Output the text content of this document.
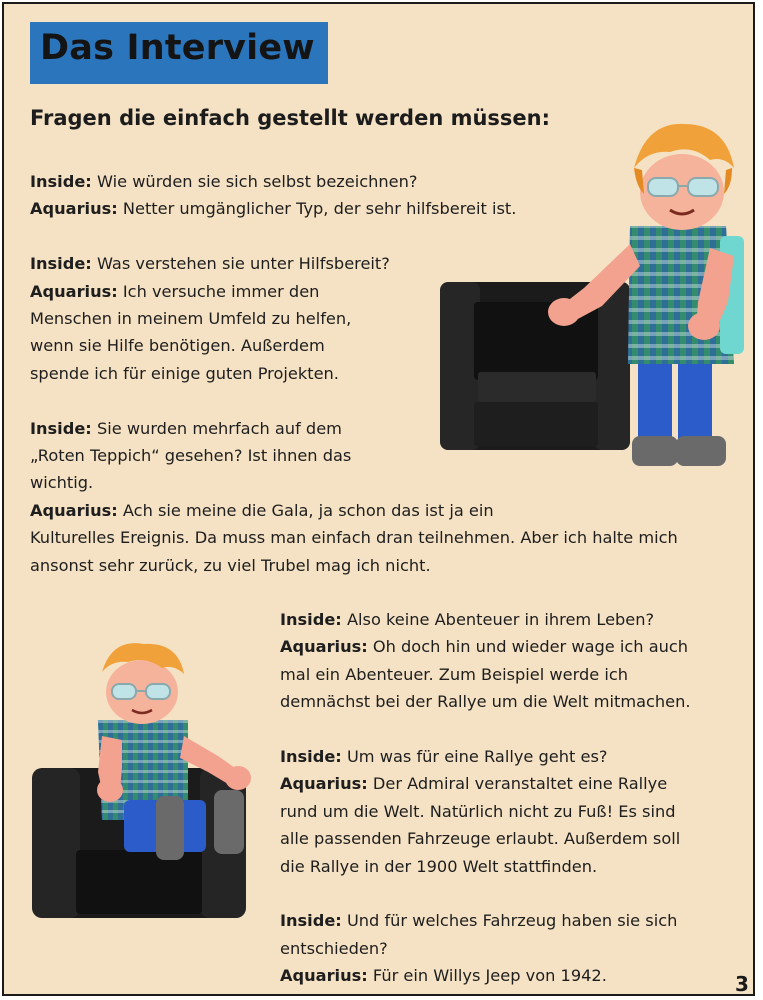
Das Interview
Fragen die einfach gestellt werden müssen:

Inside: Wie würden sie sich selbst bezeichnen?

Aquarius: Netter umgänglicher Typ, der sehr hilfsbereit ist.

Inside: Was verstehen sie unter Hilfsbereit?

Aquarius: Ich versuche immer den
Menschen in meinem Umfeld zu helfen,
wenn sie Hilfe benötigen. Außerdem
spende ich für einige guten Projekten.

Inside: Sie wurden mehrfach auf dem
„Roten Teppich“ gesehen? Ist ihnen das
wichtig.

Aquarius: Ach sie meine die Gala, ja schon das ist ja ein
Kulturelles Ereignis. Da muss man einfach dran teilnehmen. Aber ich halte mich
ansonst sehr zurück, zu viel Trubel mag ich nicht.

Inside: Also keine Abenteuer in ihrem Leben?

Aquarius: Oh doch hin und wieder wage ich auch
mal ein Abenteuer. Zum Beispiel werde ich
demnächst bei der Rallye um die Welt mitmachen.

Inside: Um was für eine Rallye geht es?

Aquarius: Der Admiral veranstaltet eine Rallye
rund um die Welt. Natürlich nicht zu Fuß! Es sind
alle passenden Fahrzeuge erlaubt. Außerdem soll
die Rallye in der 1900 Welt stattfinden.

Inside: Und für welches Fahrzeug haben sie sich
entschieden?

Aquarius: Für ein Willys Jeep von 1942.	3
